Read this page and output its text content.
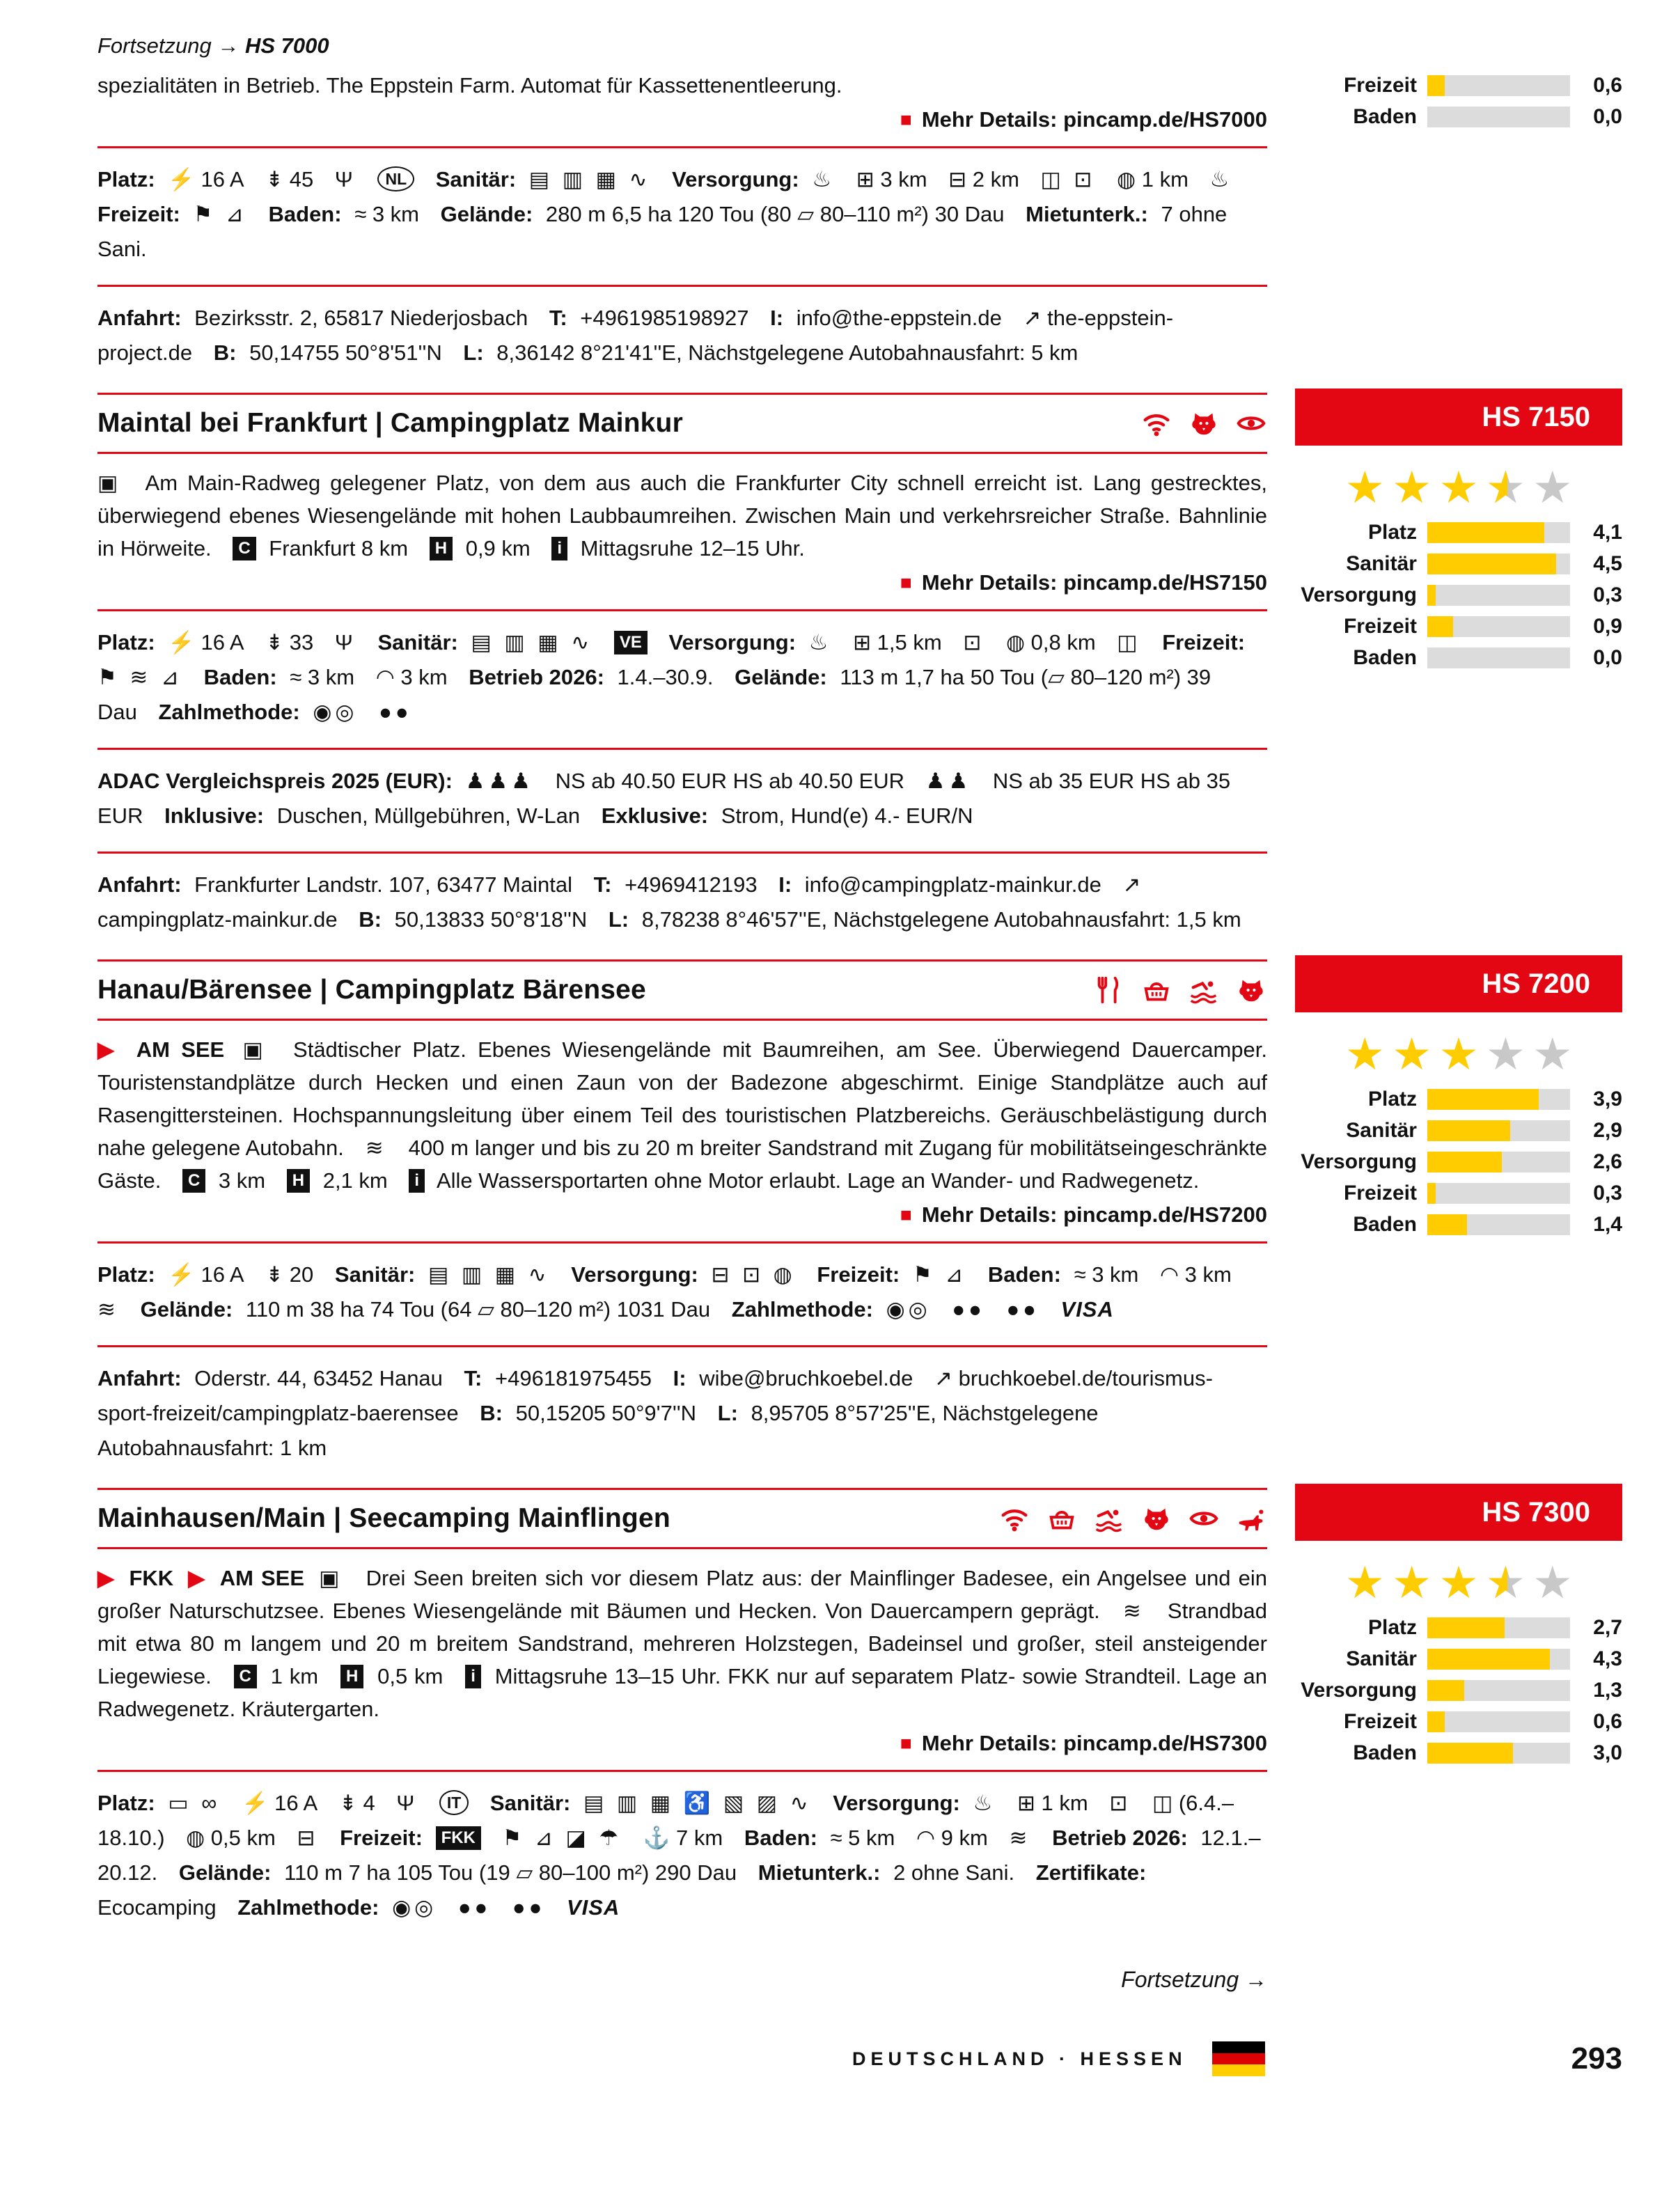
Fortsetzung → HS 7000

spezialitäten in Betrieb. The Eppstein Farm. Automat für Kassettenentleerung.

■ Mehr Details: pincamp.de/HS7000
Platz: ⚡ 16 A ⇟ 45 Ψ NL Sanitär: ▤ ▥ ▦ ∿ Versorgung: ♨ ⊞ 3 km ⊟ 2 km ◫ ⊡ ◍ 1 km ♨ Freizeit: ⚑ ⊿ Baden: ≈ 3 km Gelände: 280 m 6,5 ha 120 Tou (80 ▱ 80–110 m²) 30 Dau Mietunterk.: 7 ohne Sani.
Anfahrt: Bezirksstr. 2, 65817 Niederjosbach T: +4961985198927 I: info@the-eppstein.de ↗ the-eppstein-project.de B: 50,14755 50°8'51''N L: 8,36142 8°21'41''E, Nächstgelegene Autobahnausfahrt: 5 km
Freizeit	0,6
Baden	0,0
Maintal bei Frankfurt | Campingplatz Mainkur
▣ Am Main-Radweg gelegener Platz, von dem aus auch die Frankfurter City schnell erreicht ist. Lang gestrecktes, überwiegend ebenes Wiesengelände mit hohen Laubbaumreihen. Zwischen Main und verkehrsreicher Straße. Bahnlinie in Hörweite. C Frankfurt 8 km H 0,9 km i Mittagsruhe 12–15 Uhr.
■ Mehr Details: pincamp.de/HS7150
Platz: ⚡ 16 A ⇟ 33 Ψ Sanitär: ▤ ▥ ▦ ∿ VE Versorgung: ♨ ⊞ 1,5 km ⊡ ◍ 0,8 km ◫ Freizeit: ⚑ ≋ ⊿ Baden: ≈ 3 km ◠ 3 km Betrieb 2026: 1.4.–30.9. Gelände: 113 m 1,7 ha 50 Tou (▱ 80–120 m²) 39 Dau Zahlmethode: ◉◎ ●●
ADAC Vergleichspreis 2025 (EUR): ♟♟♟ NS ab 40.50 EUR HS ab 40.50 EUR ♟♟ NS ab 35 EUR HS ab 35 EUR Inklusive: Duschen, Müllgebühren, W-Lan Exklusive: Strom, Hund(e) 4.- EUR/N
Anfahrt: Frankfurter Landstr. 107, 63477 Maintal T: +4969412193 I: info@campingplatz-mainkur.de ↗ campingplatz-mainkur.de B: 50,13833 50°8'18''N L: 8,78238 8°46'57''E, Nächstgelegene Autobahnausfahrt: 1,5 km
HS 7150
★ ★ ★ ★ ★ ★
Platz	4,1
Sanitär	4,5
Versorgung	0,3
Freizeit	0,9
Baden	0,0
Hanau/Bärensee | Campingplatz Bärensee
▶ AM SEE ▣ Städtischer Platz. Ebenes Wiesengelände mit Baumreihen, am See. Überwiegend Dauercamper. Touristenstandplätze durch Hecken und einen Zaun von der Badezone abgeschirmt. Einige Standplätze auch auf Rasengittersteinen. Hochspannungsleitung über einem Teil des touristischen Platzbereichs. Geräuschbelästigung durch nahe gelegene Autobahn. ≋ 400 m langer und bis zu 20 m breiter Sandstrand mit Zugang für mobilitätseingeschränkte Gäste. C 3 km H 2,1 km i Alle Wassersportarten ohne Motor erlaubt. Lage an Wander- und Radwegenetz.
■ Mehr Details: pincamp.de/HS7200
Platz: ⚡ 16 A ⇟ 20 Sanitär: ▤ ▥ ▦ ∿ Versorgung: ⊟ ⊡ ◍ Freizeit: ⚑ ⊿ Baden: ≈ 3 km ◠ 3 km ≋ Gelände: 110 m 38 ha 74 Tou (64 ▱ 80–120 m²) 1031 Dau Zahlmethode: ◉◎ ●● ●● VISA
Anfahrt: Oderstr. 44, 63452 Hanau T: +496181975455 I: wibe@bruchkoebel.de ↗ bruchkoebel.de/tourismus-sport-freizeit/campingplatz-baerensee B: 50,15205 50°9'7''N L: 8,95705 8°57'25''E, Nächstgelegene Autobahnausfahrt: 1 km
HS 7200
★ ★ ★ ★ ★
Platz	3,9
Sanitär	2,9
Versorgung	2,6
Freizeit	0,3
Baden	1,4
Mainhausen/Main | Seecamping Mainflingen
▶ FKK ▶ AM SEE ▣ Drei Seen breiten sich vor diesem Platz aus: der Mainflinger Badesee, ein Angelsee und ein großer Naturschutzsee. Ebenes Wiesengelände mit Bäumen und Hecken. Von Dauercampern geprägt. ≋ Strandbad mit etwa 80 m langem und 20 m breitem Sandstrand, mehreren Holzstegen, Badeinsel und großer, steil ansteigender Liegewiese. C 1 km H 0,5 km i Mittagsruhe 13–15 Uhr. FKK nur auf separatem Platz- sowie Strandteil. Lage an Radwegenetz. Kräutergarten.
■ Mehr Details: pincamp.de/HS7300
Platz: ▭ ∞ ⚡ 16 A ⇟ 4 Ψ IT Sanitär: ▤ ▥ ▦ ♿ ▧ ▨ ∿ Versorgung: ♨ ⊞ 1 km ⊡ ◫ (6.4.–18.10.) ◍ 0,5 km ⊟ Freizeit: FKK ⚑ ⊿ ◪ ☂ ⚓ 7 km Baden: ≈ 5 km ◠ 9 km ≋ Betrieb 2026: 12.1.–20.12. Gelände: 110 m 7 ha 105 Tou (19 ▱ 80–100 m²) 290 Dau Mietunterk.: 2 ohne Sani. Zertifikate: Ecocamping Zahlmethode: ◉◎ ●● ●● VISA
HS 7300
★ ★ ★ ★ ★ ★
Platz	2,7
Sanitär	4,3
Versorgung	1,3
Freizeit	0,6
Baden	3,0
Fortsetzung →
DEUTSCHLAND · HESSEN	293
